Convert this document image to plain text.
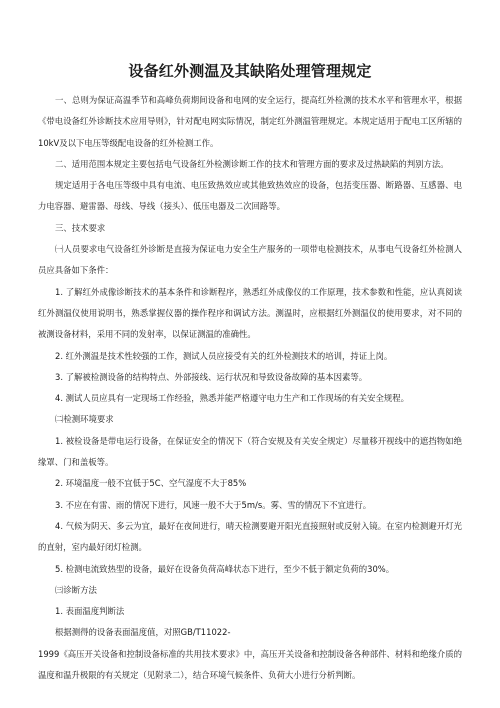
设备红外测温及其缺陷处理管理规定

一、总则为保证高温季节和高峰负荷期间设备和电网的安全运行，提高红外检测的技术水平和管理水平，根据《带电设备红外诊断技术应用导则》，针对配电网实际情况，制定红外测温管理规定。本规定适用于配电工区所辖的10kV及以下电压等级配电设备的红外检测工作。

二、适用范围本规定主要包括电气设备红外检测诊断工作的技术和管理方面的要求及过热缺陷的判别方法。

规定适用于各电压等级中具有电流、电压致热效应或其他致热效应的设备，包括变压器、断路器、互感器、电力电容器、避雷器、母线、导线（接头）、低压电器及二次回路等。

三、技术要求

㈠人员要求电气设备红外诊断是直接为保证电力安全生产服务的一项带电检测技术，从事电气设备红外检测人员应具备如下条件：

1. 了解红外成像诊断技术的基本条件和诊断程序，熟悉红外成像仪的工作原理，技术参数和性能，应认真阅读红外测温仪使用说明书，熟悉掌握仪器的操作程序和调试方法。测温时，应根据红外测温仪的使用要求，对不同的被测设备材料，采用不同的发射率，以保证测温的准确性。

2. 红外测温是技术性较强的工作，测试人员应接受有关的红外检测技术的培训，持证上岗。

3. 了解被检测设备的结构特点、外部接线、运行状况和导致设备故障的基本因素等。

4. 测试人员应具有一定现场工作经验，熟悉并能严格遵守电力生产和工作现场的有关安全规程。

㈡检测环境要求

1. 被检设备是带电运行设备，在保证安全的情况下（符合安规及有关安全规定）尽量移开视线中的遮挡物如绝缘罩、门和盖板等。

2. 环境温度一般不宜低于5C、空气湿度不大于85%

3. 不应在有雷、雨的情况下进行，风速一般不大于5m/s。雾、雪的情况下不宜进行。

4. 气候为阴天、多云为宜，最好在夜间进行，晴天检测要避开阳光直接照射或反射入镜。在室内检测避开灯光的直射，室内最好闭灯检测。

5. 检测电流致热型的设备，最好在设备负荷高峰状态下进行，至少不低于额定负荷的30%。

㈢诊断方法

1. 表面温度判断法

根据测得的设备表面温度值，对照GB/T11022-

1999《高压开关设备和控制设备标准的共用技术要求》中，高压开关设备和控制设备各种部件、材料和绝缘介质的温度和温升极限的有关规定（见附录二），结合环境气候条件、负荷大小进行分析判断。
